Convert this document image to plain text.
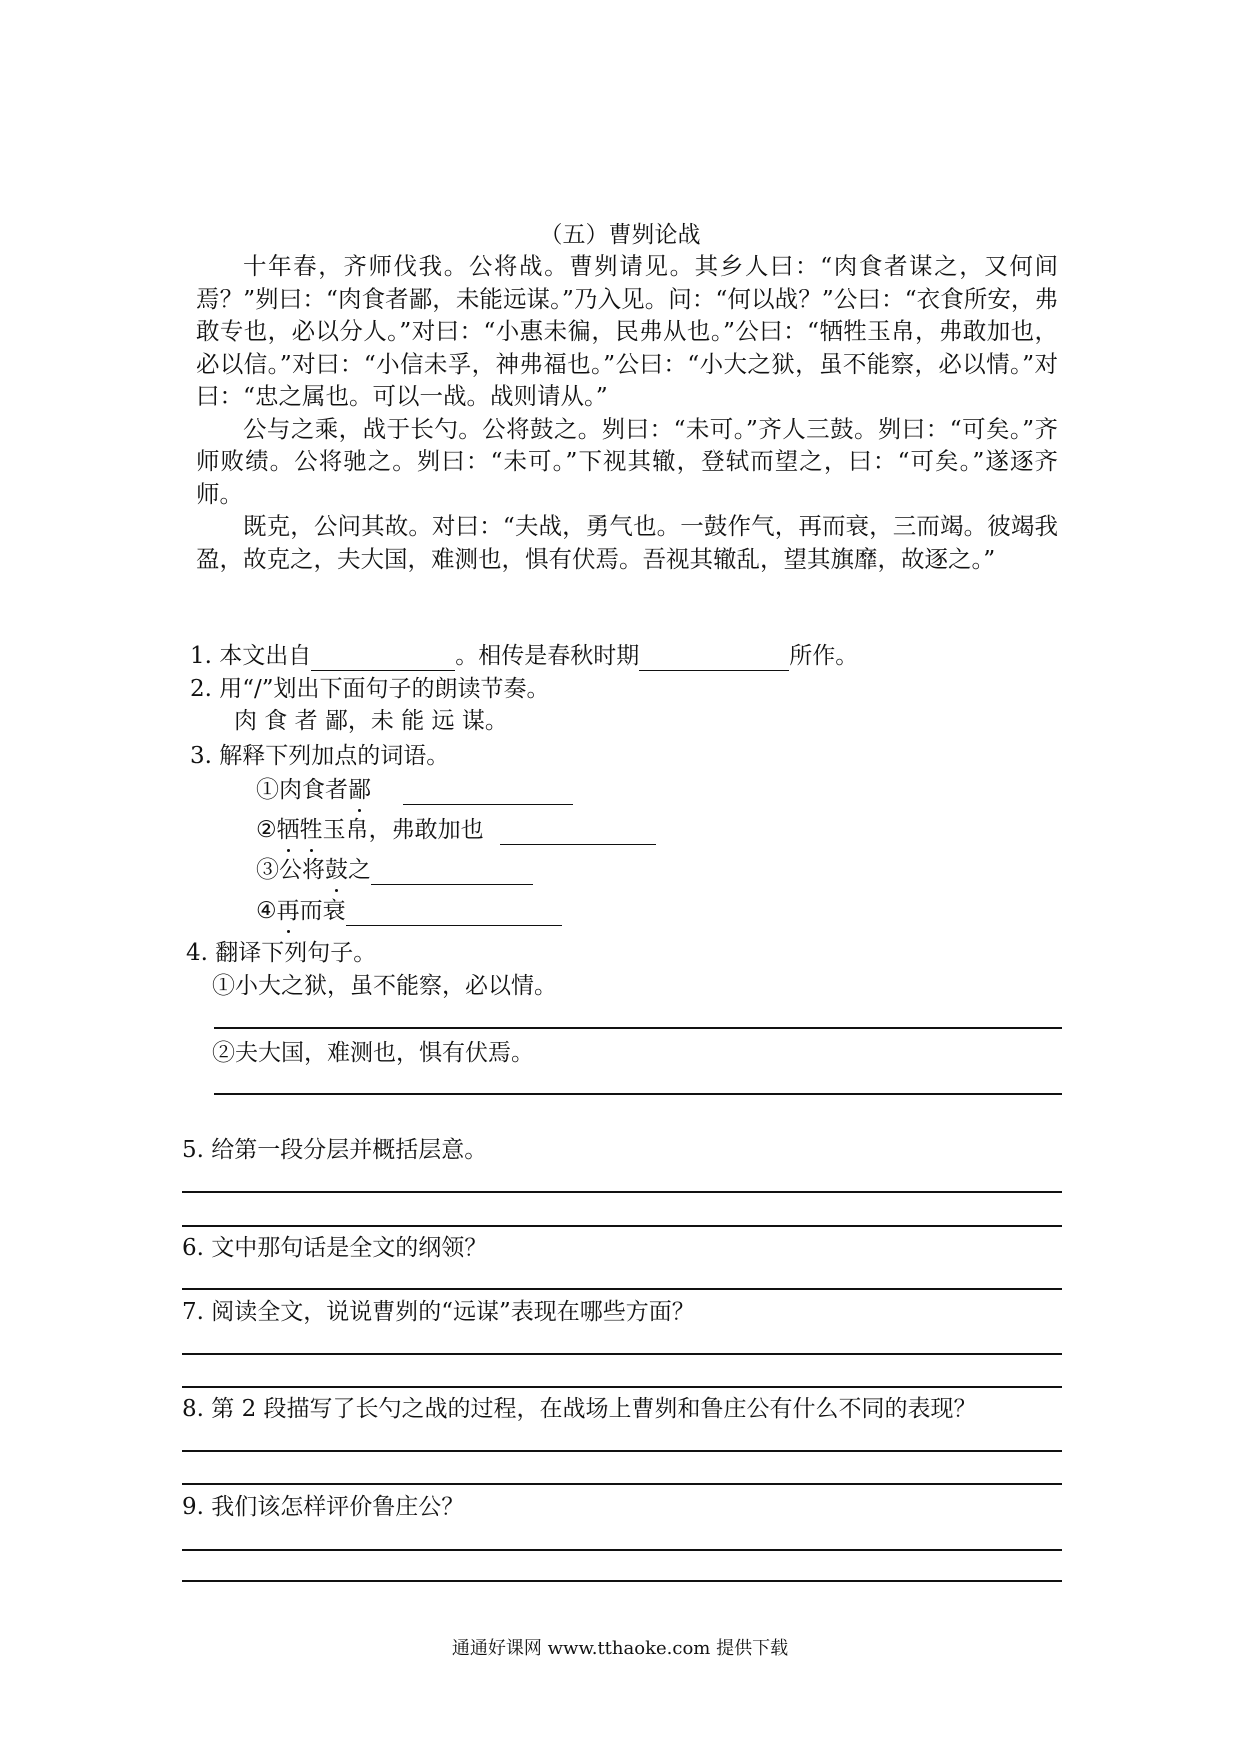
（五）曹刿论战

十年春，齐师伐我。公将战。曹刿请见。其乡人曰：“肉食者谋之，又何间焉？”刿曰：“肉食者鄙，未能远谋。”乃入见。问：“何以战？”公曰：“衣食所安，弗敢专也，必以分人。”对曰：“小惠未徧，民弗从也。”公曰：“牺牲玉帛，弗敢加也，必以信。”对曰：“小信未孚，神弗福也。”公曰：“小大之狱，虽不能察，必以情。”对曰：“忠之属也。可以一战。战则请从。”

公与之乘，战于长勺。公将鼓之。刿曰：“未可。”齐人三鼓。刿曰：“可矣。”齐师败绩。公将驰之。刿曰：“未可。”下视其辙，登轼而望之，曰：“可矣。”遂逐齐师。

既克，公问其故。对曰：“夫战，勇气也。一鼓作气，再而衰，三而竭。彼竭我盈，故克之，夫大国，难测也，惧有伏焉。吾视其辙乱，望其旗靡，故逐之。”

1. 本文出自	。相传是春秋时期	所作。
2. 用“/”划出下面句子的朗读节奏。
肉 食 者 鄙，未 能 远 谋。
3. 解释下列加点的词语。
①肉食者鄙
②牺牲玉帛，弗敢加也
③公将鼓之
④再而衰
4. 翻译下列句子。
①小大之狱，虽不能察，必以情。
②夫大国，难测也，惧有伏焉。
5. 给第一段分层并概括层意。
6. 文中那句话是全文的纲领？
7. 阅读全文，说说曹刿的“远谋”表现在哪些方面？
8. 第 2 段描写了长勺之战的过程，在战场上曹刿和鲁庄公有什么不同的表现？
9. 我们该怎样评价鲁庄公？
通通好课网 www.tthaoke.com 提供下载
